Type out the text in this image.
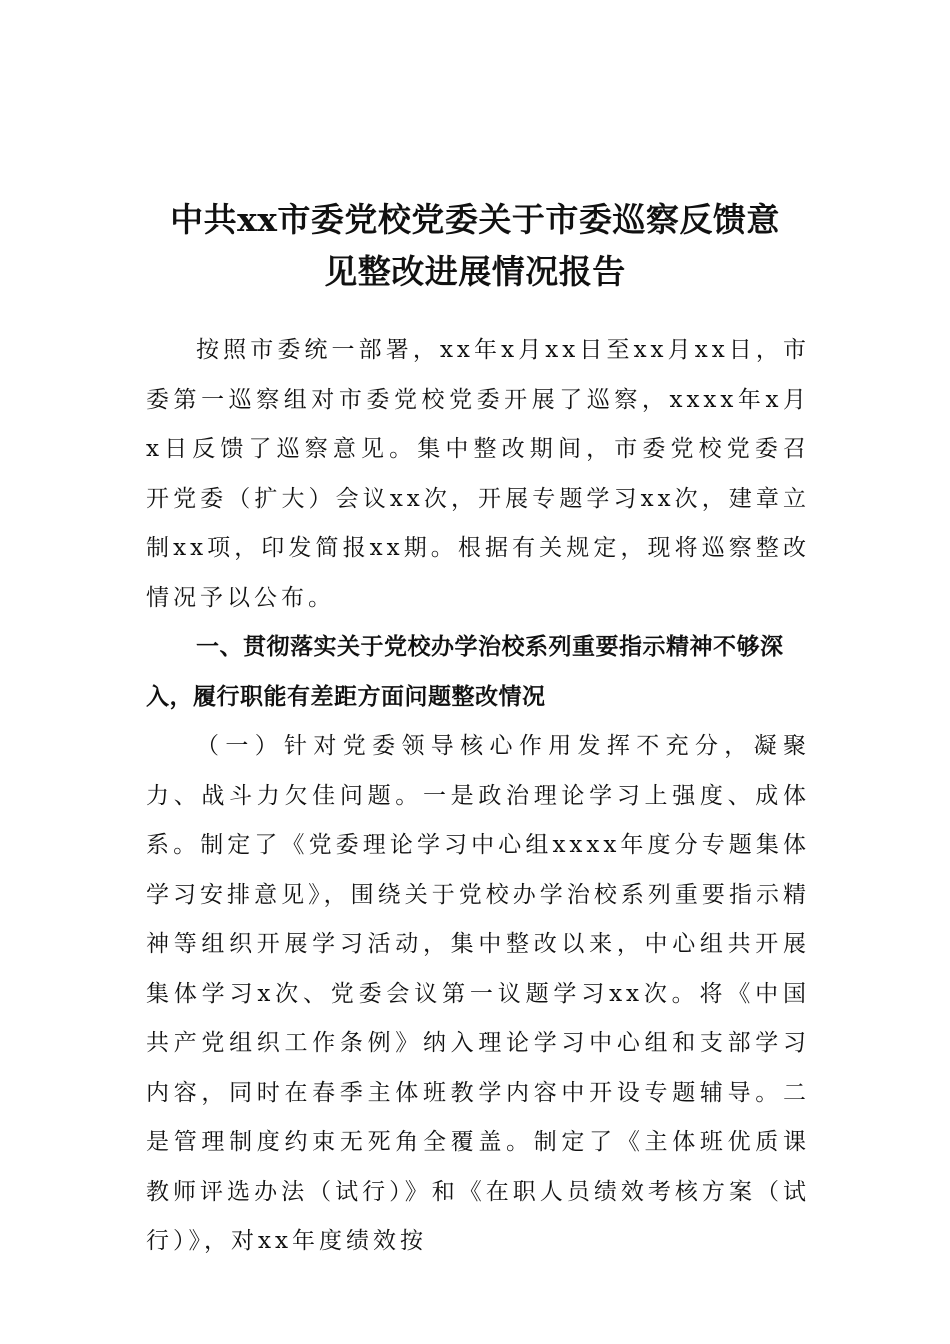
中共xx市委党校党委关于市委巡察反馈意
见整改进展情况报告

按照市委统一部署，xx年x月xx日至xx月xx日，市委第一巡察组对市委党校党委开展了巡察，xxxx年x月x日反馈了巡察意见。集中整改期间，市委党校党委召开党委（扩大）会议xx次，开展专题学习xx次，建章立制xx项，印发简报xx期。根据有关规定，现将巡察整改情况予以公布。

一、贯彻落实关于党校办学治校系列重要指示精神不够深入，履行职能有差距方面问题整改情况

（一）针对党委领导核心作用发挥不充分，凝聚力、战斗力欠佳问题。一是政治理论学习上强度、成体系。制定了《党委理论学习中心组xxxx年度分专题集体学习安排意见》，围绕关于党校办学治校系列重要指示精神等组织开展学习活动，集中整改以来，中心组共开展集体学习x次、党委会议第一议题学习xx次。将《中国共产党组织工作条例》纳入理论学习中心组和支部学习内容，同时在春季主体班教学内容中开设专题辅导。二是管理制度约束无死角全覆盖。制定了《主体班优质课教师评选办法（试行）》和《在职人员绩效考核方案（试行）》，对xx年度绩效按
